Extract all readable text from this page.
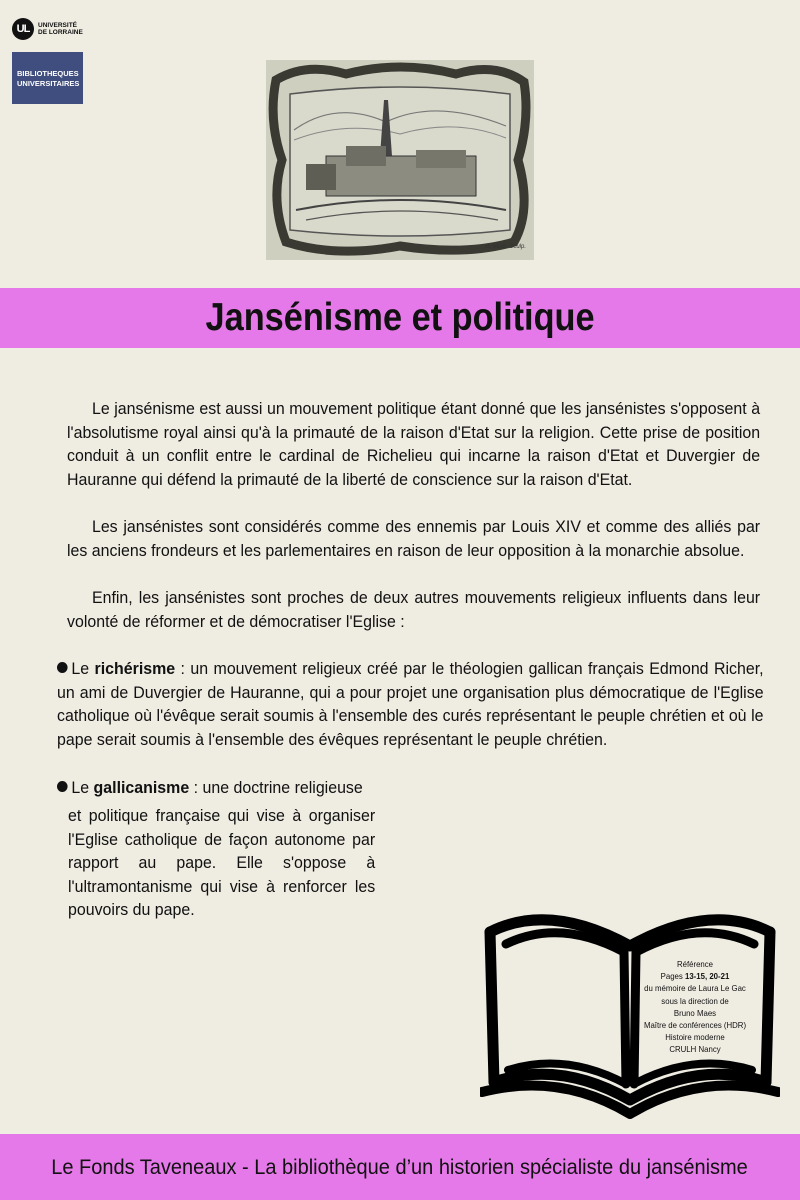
UL	UNIVERSITÉ
DE LORRAINE
BIBLIOTHEQUES
UNIVERSITAIRES
B. Vicar. Sculp.
Jansénisme et politique

Le jansénisme est aussi un mouvement politique étant donné que les jansénistes s'opposent à l'absolutisme royal ainsi qu'à la primauté de la raison d'Etat sur la religion. Cette prise de position conduit à un conflit entre le cardinal de Richelieu qui incarne la raison d'Etat et Duvergier de Hauranne qui défend la primauté de la liberté de conscience sur la raison d'Etat.

Les jansénistes sont considérés comme des ennemis par Louis XIV et comme des alliés par les anciens frondeurs et les parlementaires en raison de leur opposition à la monarchie absolue.

Enfin, les jansénistes sont proches de deux autres mouvements religieux influents dans leur volonté de réformer et de démocratiser l'Eglise :

Le richérisme : un mouvement religieux créé par le théologien gallican français Edmond Richer, un ami de Duvergier de Hauranne, qui a pour projet une organisation plus démocratique de l'Eglise catholique où l'évêque serait soumis à l'ensemble des curés représentant le peuple chrétien et où le pape serait soumis à l'ensemble des évêques représentant le peuple chrétien.

Le gallicanisme : une doctrine religieuse

et politique française qui vise à organiser l'Eglise catholique de façon autonome par rapport au pape. Elle s'oppose à l'ultramontanisme qui vise à renforcer les pouvoirs du pape.

Référence
Pages 13-15, 20-21
du mémoire de Laura Le Gac
sous la direction de
Bruno Maes
Maître de conférences (HDR)
Histoire moderne
CRULH Nancy
Le Fonds Taveneaux - La bibliothèque d’un historien spécialiste du jansénisme
